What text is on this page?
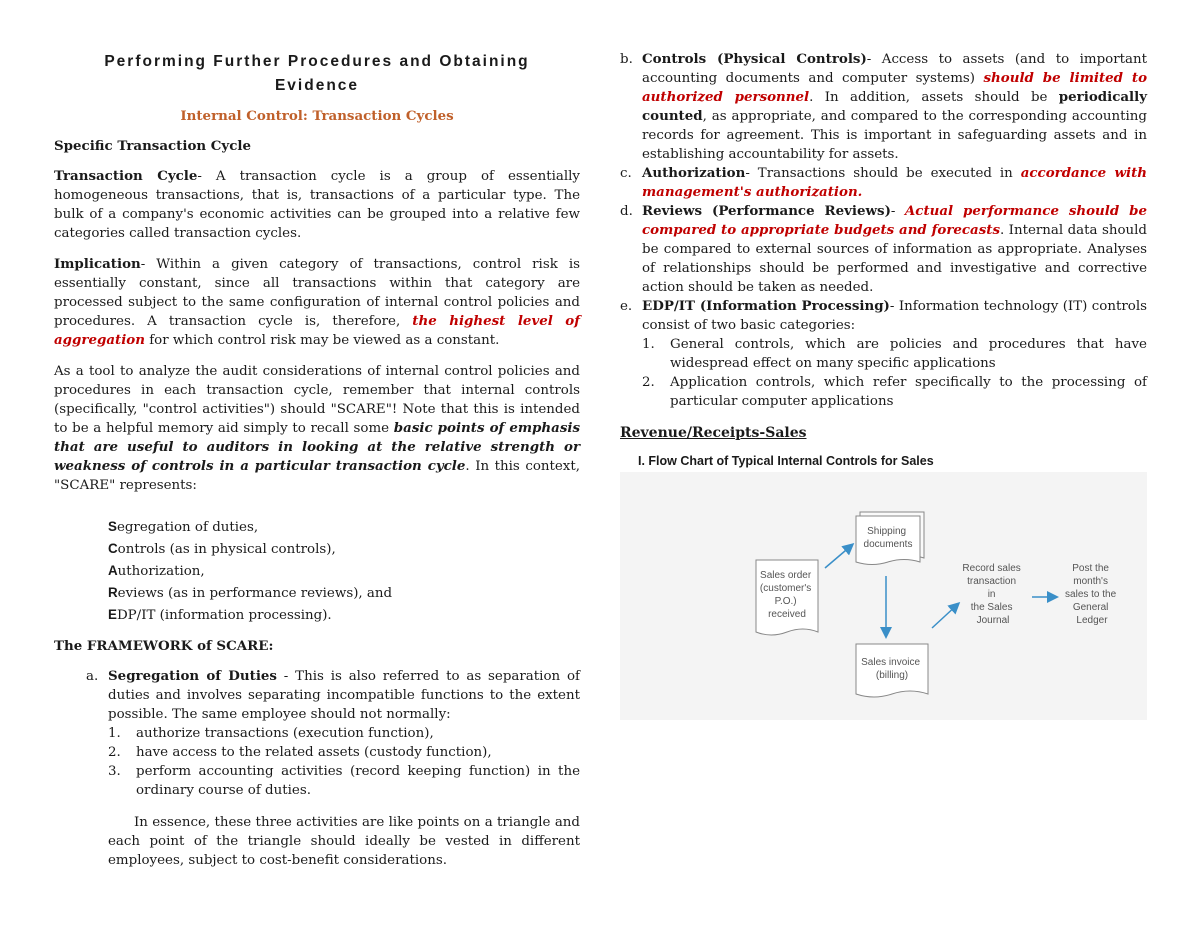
Performing Further Procedures and Obtaining
Evidence
Internal Control: Transaction Cycles
Specific Transaction Cycle

Transaction Cycle- A transaction cycle is a group of essentially homogeneous transactions, that is, transactions of a particular type. The bulk of a company's economic activities can be grouped into a relative few categories called transaction cycles.

Implication- Within a given category of transactions, control risk is essentially constant, since all transactions within that category are processed subject to the same configuration of internal control policies and procedures. A transaction cycle is, therefore, the highest level of aggregation for which control risk may be viewed as a constant.

As a tool to analyze the audit considerations of internal control policies and procedures in each transaction cycle, remember that internal controls (specifically, "control activities") should "SCARE"! Note that this is intended to be a helpful memory aid simply to recall some basic points of emphasis that are useful to auditors in looking at the relative strength or weakness of controls in a particular transaction cycle. In this context, "SCARE" represents:

Segregation of duties,
Controls (as in physical controls),
Authorization,
Reviews (as in performance reviews), and
EDP/IT (information processing).
The FRAMEWORK of SCARE:
a. Segregation of Duties - This is also referred to as separation of duties and involves separating incompatible functions to the extent possible. The same employee should not normally:
1.	authorize transactions (execution function),
2.	have access to the related assets (custody function),
3.	perform accounting activities (record keeping function) in the ordinary course of duties.

In essence, these three activities are like points on a triangle and each point of the triangle should ideally be vested in different employees, subject to cost-benefit considerations.

b. Controls (Physical Controls)- Access to assets (and to important accounting documents and computer systems) should be limited to authorized personnel. In addition, assets should be periodically counted, as appropriate, and compared to the corresponding accounting records for agreement. This is important in safeguarding assets and in establishing accountability for assets.
c. Authorization- Transactions should be executed in accordance with management's authorization.
d. Reviews (Performance Reviews)- Actual performance should be compared to appropriate budgets and forecasts. Internal data should be compared to external sources of information as appropriate. Analyses of relationships should be performed and investigative and corrective action should be taken as needed.
e. EDP/IT (Information Processing)- Information technology (IT) controls consist of two basic categories:
1.	General controls, which are policies and procedures that have widespread effect on many specific applications
2.	Application controls, which refer specifically to the processing of particular computer applications
Revenue/Receipts-Sales
I. Flow Chart of Typical Internal Controls for Sales
Sales order (customer's P.O.) received
Shipping documents
Sales invoice (billing)
Record sales transaction in the Sales Journal
Post the month's sales to the General Ledger
